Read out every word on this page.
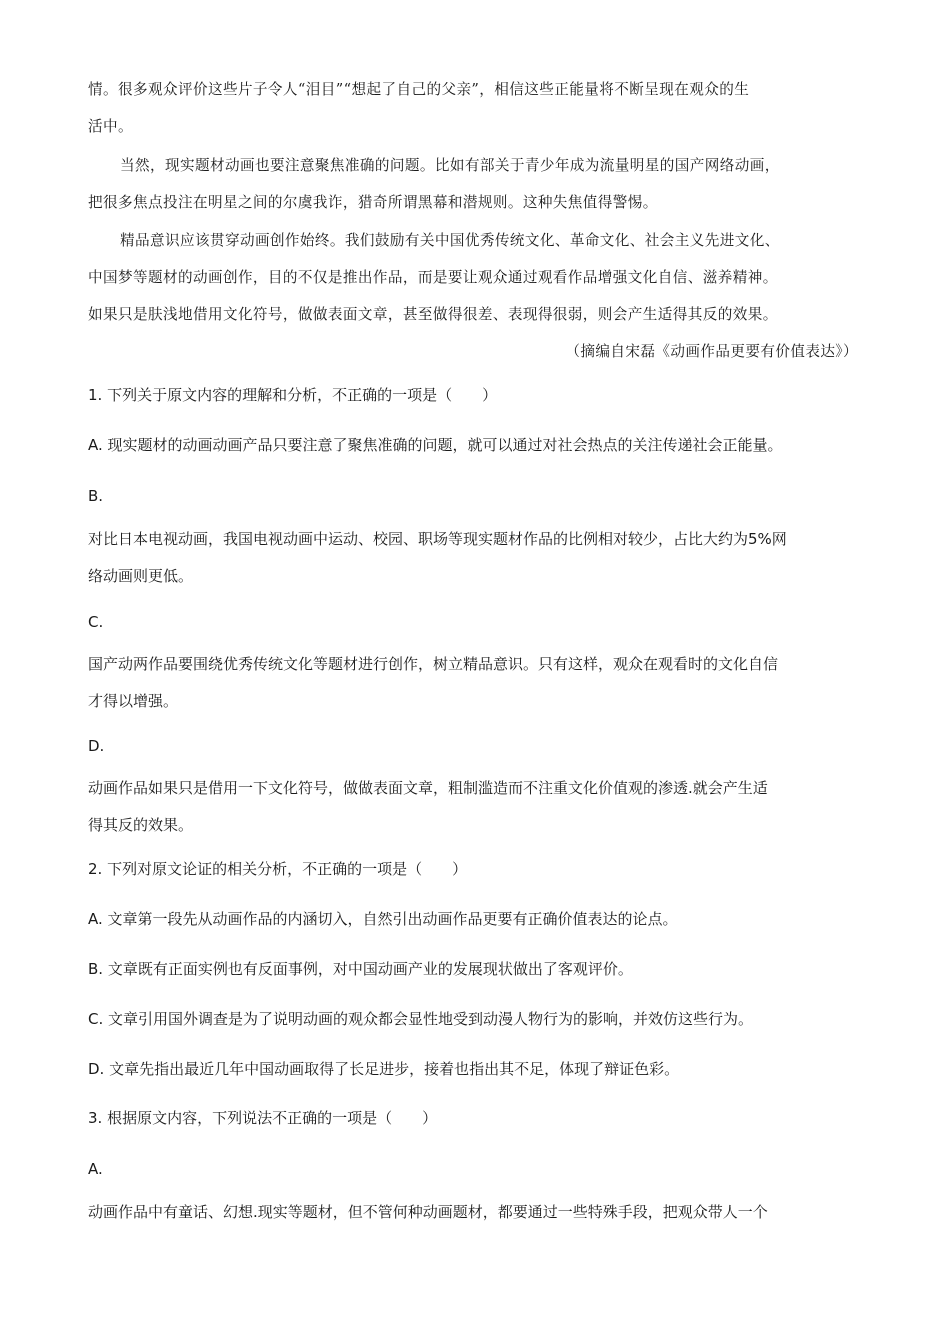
情。很多观众评价这些片子令人“泪目”“想起了自己的父亲”，相信这些正能量将不断呈现在观众的生
活中。
当然，现实题材动画也要注意聚焦准确的问题。比如有部关于青少年成为流量明星的国产网络动画，
把很多焦点投注在明星之间的尔虞我诈，猎奇所谓黑幕和潜规则。这种失焦值得警惕。
精品意识应该贯穿动画创作始终。我们鼓励有关中国优秀传统文化、革命文化、社会主义先进文化、
中国梦等题材的动画创作，目的不仅是推出作品，而是要让观众通过观看作品增强文化自信、滋养精神。
如果只是肤浅地借用文化符号，做做表面文章，甚至做得很差、表现得很弱，则会产生适得其反的效果。
（摘编自宋磊《动画作品更要有价值表达》）
1. 下列关于原文内容的理解和分析，不正确的一项是（　　）
A. 现实题材的动画动画产品只要注意了聚焦准确的问题，就可以通过对社会热点的关注传递社会正能量。
B.
对比日本电视动画，我国电视动画中运动、校园、职场等现实题材作品的比例相对较少，占比大约为5%网
络动画则更低。
C.
国产动两作品要围绕优秀传统文化等题材进行创作，树立精品意识。只有这样，观众在观看时的文化自信
才得以增强。
D.
动画作品如果只是借用一下文化符号，做做表面文章，粗制滥造而不注重文化价值观的渗透.就会产生适
得其反的效果。
2. 下列对原文论证的相关分析，不正确的一项是（　　）
A. 文章第一段先从动画作品的内涵切入，自然引出动画作品更要有正确价值表达的论点。
B. 文章既有正面实例也有反面事例，对中国动画产业的发展现状做出了客观评价。
C. 文章引用国外调查是为了说明动画的观众都会显性地受到动漫人物行为的影响，并效仿这些行为。
D. 文章先指出最近几年中国动画取得了长足进步，接着也指出其不足，体现了辩证色彩。
3. 根据原文内容，下列说法不正确的一项是（　　）
A.
动画作品中有童话、幻想.现实等题材，但不管何种动画题材，都要通过一些特殊手段，把观众带人一个
